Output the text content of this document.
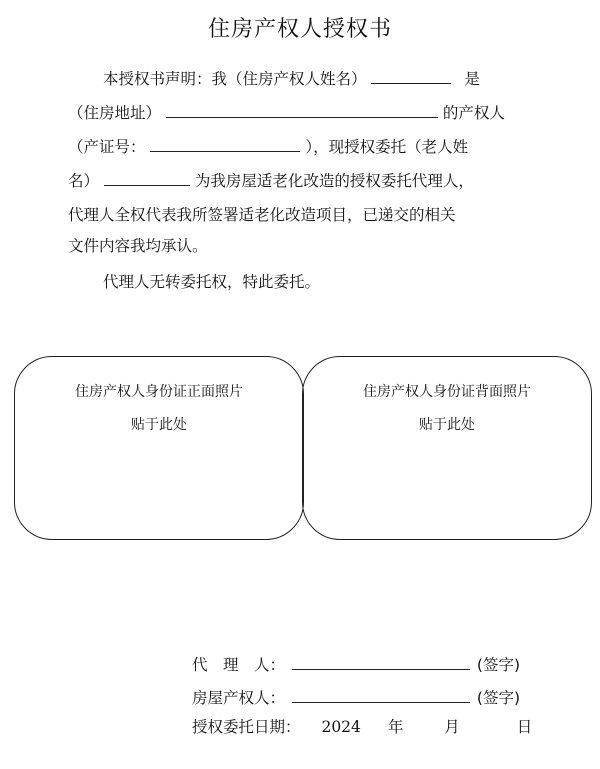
住房产权人授权书
本授权书声明：我（住房产权人姓名）	是
（住房地址）	的产权人
（产证号：	），现授权委托（老人姓
名）	为我房屋适老化改造的授权委托代理人，
代理人全权代表我所签署适老化改造项目，已递交的相关
文件内容我均承认。
代理人无转委托权，特此委托。
住房产权人身份证正面照片
贴于此处
住房产权人身份证背面照片
贴于此处
代　理　人：	(签字)
房屋产权人：	(签字)
授权委托日期： 2024 年	月	日
